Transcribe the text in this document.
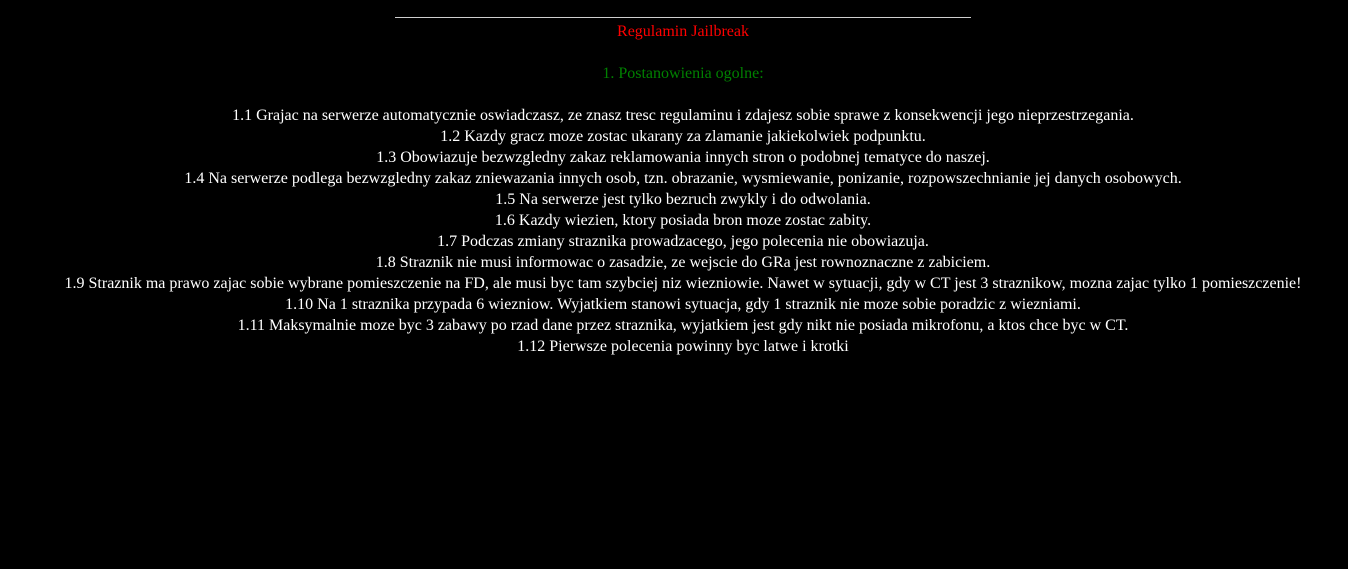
Regulamin Jailbreak
1. Postanowienia ogolne:
1.1 Grajac na serwerze automatycznie oswiadczasz, ze znasz tresc regulaminu i zdajesz sobie sprawe z konsekwencji jego nieprzestrzegania.
1.2 Kazdy gracz moze zostac ukarany za zlamanie jakiekolwiek podpunktu.
1.3 Obowiazuje bezwzgledny zakaz reklamowania innych stron o podobnej tematyce do naszej.
1.4 Na serwerze podlega bezwzgledny zakaz zniewazania innych osob, tzn. obrazanie, wysmiewanie, ponizanie, rozpowszechnianie jej danych osobowych.
1.5 Na serwerze jest tylko bezruch zwykly i do odwolania.
1.6 Kazdy wiezien, ktory posiada bron moze zostac zabity.
1.7 Podczas zmiany straznika prowadzacego, jego polecenia nie obowiazuja.
1.8 Straznik nie musi informowac o zasadzie, ze wejscie do GRa jest rownoznaczne z zabiciem.
1.9 Straznik ma prawo zajac sobie wybrane pomieszczenie na FD, ale musi byc tam szybciej niz wiezniowie. Nawet w sytuacji, gdy w CT jest 3 straznikow, mozna zajac tylko 1 pomieszczenie!
1.10 Na 1 straznika przypada 6 wiezniow. Wyjatkiem stanowi sytuacja, gdy 1 straznik nie moze sobie poradzic z wiezniami.
1.11 Maksymalnie moze byc 3 zabawy po rzad dane przez straznika, wyjatkiem jest gdy nikt nie posiada mikrofonu, a ktos chce byc w CT.
1.12 Pierwsze polecenia powinny byc latwe i krotki
